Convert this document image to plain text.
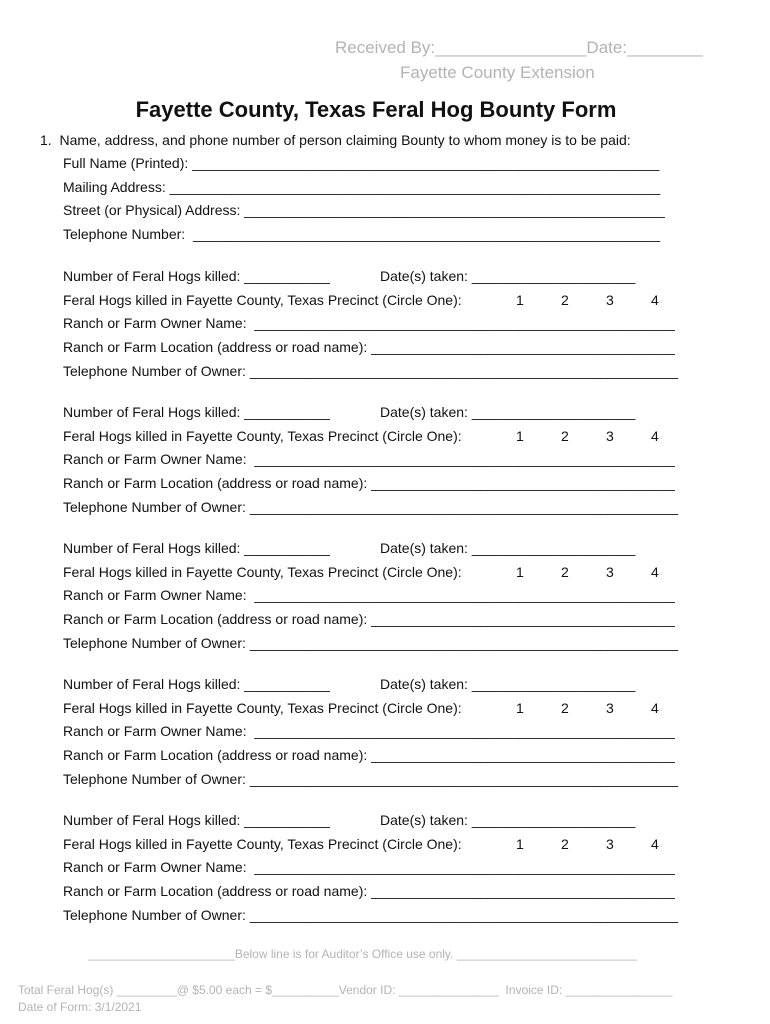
Received By:________________Date:________
Fayette County Extension
Fayette County, Texas Feral Hog Bounty Form
1.  Name, address, and phone number of person claiming Bounty to whom money is to be paid:
Full Name (Printed): ____________________________________________________________
Mailing Address: _______________________________________________________________
Street (or Physical) Address: ______________________________________________________
Telephone Number:  ____________________________________________________________
Number of Feral Hogs killed: ___________	Date(s) taken: _____________________
Feral Hogs killed in Fayette County, Texas Precinct (Circle One):	1	2	3	4
Ranch or Farm Owner Name:  ______________________________________________________
Ranch or Farm Location (address or road name): _______________________________________
Telephone Number of Owner: _______________________________________________________
Number of Feral Hogs killed: ___________	Date(s) taken: _____________________
Feral Hogs killed in Fayette County, Texas Precinct (Circle One):	1	2	3	4
Ranch or Farm Owner Name:  ______________________________________________________
Ranch or Farm Location (address or road name): _______________________________________
Telephone Number of Owner: _______________________________________________________
Number of Feral Hogs killed: ___________	Date(s) taken: _____________________
Feral Hogs killed in Fayette County, Texas Precinct (Circle One):	1	2	3	4
Ranch or Farm Owner Name:  ______________________________________________________
Ranch or Farm Location (address or road name): _______________________________________
Telephone Number of Owner: _______________________________________________________
Number of Feral Hogs killed: ___________	Date(s) taken: _____________________
Feral Hogs killed in Fayette County, Texas Precinct (Circle One):	1	2	3	4
Ranch or Farm Owner Name:  ______________________________________________________
Ranch or Farm Location (address or road name): _______________________________________
Telephone Number of Owner: _______________________________________________________
Number of Feral Hogs killed: ___________	Date(s) taken: _____________________
Feral Hogs killed in Fayette County, Texas Precinct (Circle One):	1	2	3	4
Ranch or Farm Owner Name:  ______________________________________________________
Ranch or Farm Location (address or road name): _______________________________________
Telephone Number of Owner: _______________________________________________________
______________________Below line is for Auditor’s Office use only. ___________________________
Total Feral Hog(s) _________@ $5.00 each = $__________Vendor ID: _______________  Invoice ID: ________________
Date of Form: 3/1/2021
